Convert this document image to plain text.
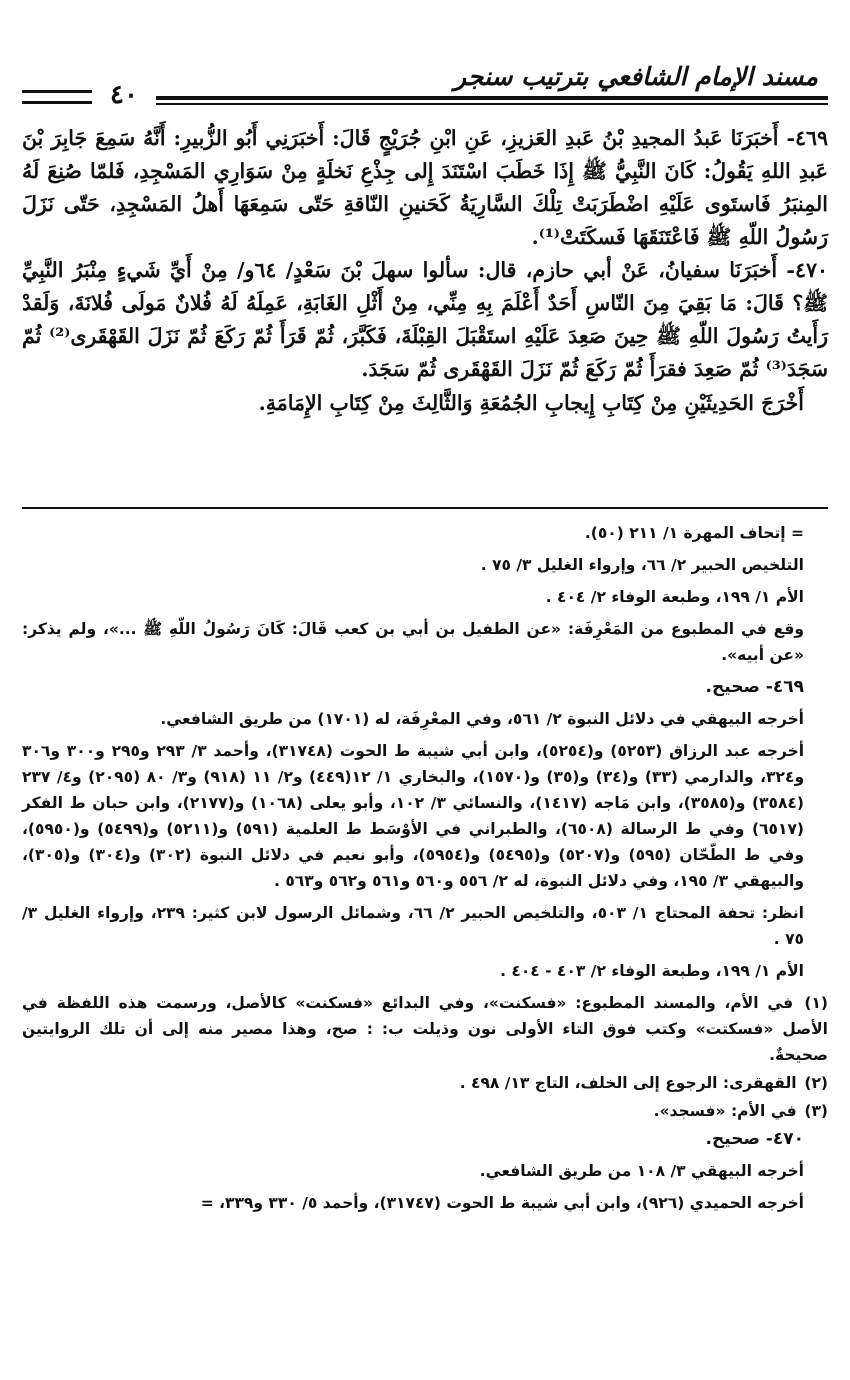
مسند الإمام الشافعي بترتيب سنجر
٤٠

٤٦٩- أَخبَرَنَا عَبدُ المجيدِ بْنُ عَبدِ العَزيزِ، عَنِ ابْنِ جُرَيْجٍ قَالَ: أَخبَرَنِي أَبُو الزُّبيرِ: أَنَّهُ سَمِعَ جَابِرَ بْنَ عَبدِ اللهِ يَقُولُ: كَانَ النَّبِيُّ ﷺ إِذَا خَطَبَ اسْتَنَدَ إِلى جِذْعِ نَخلَةٍ مِنْ سَوَارِي المَسْجِدِ، فَلمّا صُنِعَ لَهُ المِنبَرُ فَاستَوى عَلَيْهِ اضْطَرَبَتْ تِلْكَ السَّارِيَةُ كَحَنينِ النّاقةِ حَتّى سَمِعَهَا أَهلُ المَسْجِدِ، حَتّى نَزَلَ رَسُولُ اللّهِ ﷺ فَاعْتَنَقَهَا فَسكَتَتْ⁽¹⁾.

٤٧٠- أَخبَرَنَا سفيانُ، عَنْ أبي حازم، قال: سألوا سهلَ بْنَ سَعْدٍ/ ٦٤و/ مِنْ أَيِّ شَيءٍ مِنْبَرُ النَّبِيِّ ﷺ؟ قَالَ: مَا بَقِيَ مِنَ النّاسِ أَحَدٌ أَعْلَمَ بِهِ مِنِّي، مِنْ أَثْلِ الغَابَةِ، عَمِلَهُ لَهُ فُلانٌ مَولَى فُلانَةَ، وَلَقدْ رَأَيتُ رَسُولَ اللّهِ ﷺ حِينَ صَعِدَ عَلَيْهِ استَقْبَلَ القِبْلَةَ، فَكَبَّرَ، ثُمّ قَرَأَ ثُمّ رَكَعَ ثُمّ نَزَلَ القَهْقَرى⁽²⁾ ثُمّ سَجَدَ⁽³⁾ ثُمّ صَعِدَ فقرَأَ ثُمّ رَكَعَ ثُمّ نَزَلَ القَهْقَرى ثُمّ سَجَدَ.

أَخْرَجَ الحَدِيثَيْنِ مِنْ كِتَابِ إِيجابِ الجُمُعَةِ وَالثَّالِثَ مِنْ كِتَابِ الإِمَامَةِ.

= إتحاف المهرة ١/ ٢١١ (٥٠).

التلخيص الحبير ٢/ ٦٦، وإرواء الغليل ٣/ ٧٥ .

الأم ١/ ١٩٩، وطبعة الوفاء ٢/ ٤٠٤ .

وقع في المطبوع من المَعْرِفَة: «عن الطفيل بن أبي بن كعب قَالَ: كَانَ رَسُولُ اللّهِ ﷺ ...»، ولم يذكر: «عن أبيه».

٤٦٩- صحيح.

أخرجه البيهقي في دلائل النبوة ٢/ ٥٦١، وفي المعْرِفَة، له (١٧٠١) من طريق الشافعي.

أخرجه عبد الرزاق (٥٢٥٣) و(٥٢٥٤)، وابن أبي شيبة ط الحوت (٣١٧٤٨)، وأحمد ٣/ ٢٩٣ و٢٩٥ و٣٠٠ و٣٠٦ و٣٢٤، والدارمي (٣٣) و(٣٤) و(٣٥) و(١٥٧٠)، والبخاري ١/ ١٢(٤٤٩) و٢/ ١١ (٩١٨) و٣/ ٨٠ (٢٠٩٥) و٤/ ٢٣٧ (٣٥٨٤) و(٣٥٨٥)، وابن مَاجه (١٤١٧)، والنسائي ٣/ ١٠٢، وأبو يعلى (١٠٦٨) و(٢١٧٧)، وابن حبان ط الفكر (٦٥١٧) وفي ط الرسالة (٦٥٠٨)، والطبراني في الأوْسَط ط العلمية (٥٩١) و(٥٢١١) و(٥٤٩٩) و(٥٩٥٠)، وفي ط الطّحّان (٥٩٥) و(٥٢٠٧) و(٥٤٩٥) و(٥٩٥٤)، وأبو نعيم في دلائل النبوة (٣٠٢) و(٣٠٤) و(٣٠٥)، والبيهقي ٣/ ١٩٥، وفي دلائل النبوة، له ٢/ ٥٥٦ و٥٦٠ و٥٦١ و٥٦٢ و٥٦٣ .

انظر: تحفة المحتاج ١/ ٥٠٣، والتلخيص الحبير ٢/ ٦٦، وشمائل الرسول لابن كثير: ٢٣٩، وإرواء الغليل ٣/ ٧٥ .

الأم ١/ ١٩٩، وطبعة الوفاء ٢/ ٤٠٣ - ٤٠٤ .

(١) في الأم، والمسند المطبوع: «فسكنت»، وفي البدائع «فسكنت» كالأصل، ورسمت هذه اللفظة في الأصل «فسكتت» وكتب فوق التاء الأولى نون وذيلت ب: : صح، وهذا مصير منه إلى أن تلك الروايتين صحيحةٌ.

(٢) القهقرى: الرجوع إلى الخلف، التاج ١٣/ ٤٩٨ .

(٣) في الأم: «فسجد».

٤٧٠- صحيح.

أخرجه البيهقي ٣/ ١٠٨ من طريق الشافعي.

أخرجه الحميدي (٩٢٦)، وابن أبي شيبة ط الحوت (٣١٧٤٧)، وأحمد ٥/ ٣٣٠ و٣٣٩، =
